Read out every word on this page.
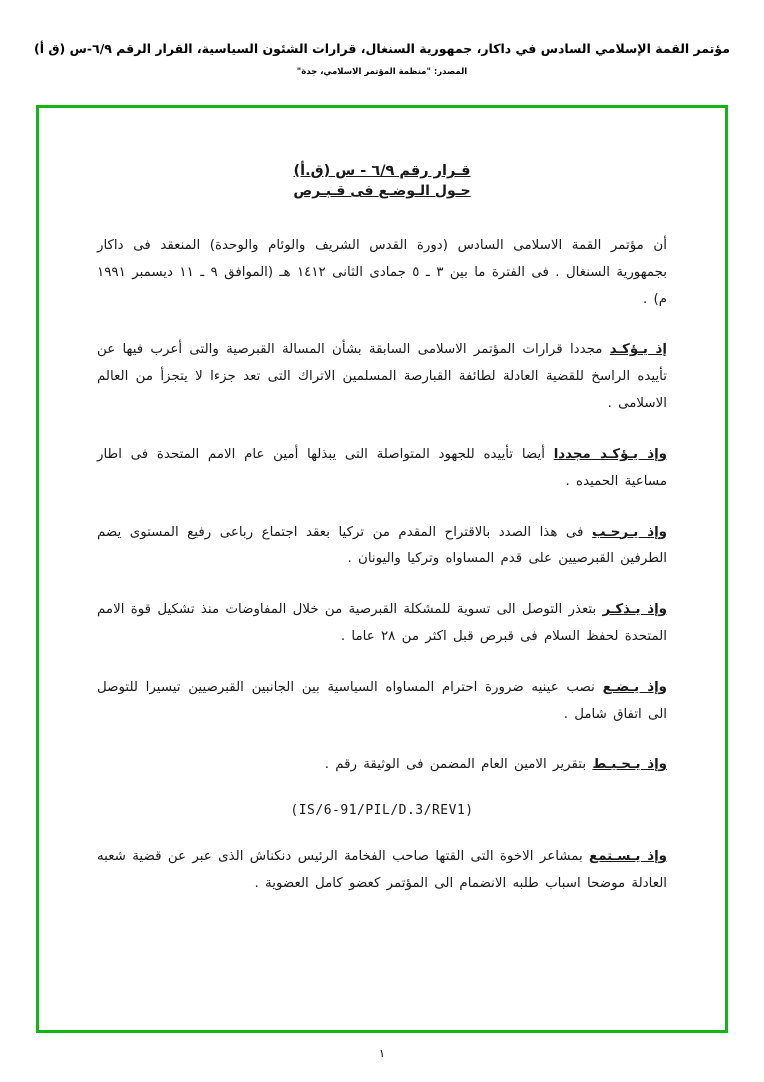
مؤتمر القمة الإسلامي السادس في داكار، جمهورية السنغال، قرارات الشئون السياسية، القرار الرقم ٦/٩-س (ق أ)
المصدر: "منظمة المؤتمر الاسلامي، جدة"
قـرار رقم ٦/٩ - س (ق.أ)
حـول الـوضـع فى قـبـرص

أن مؤتمر القمة الاسلامى السادس (دورة القدس الشريف والوئام والوحدة) المنعقد فى داكار بجمهورية السنغال . فى الفترة ما بين ٣ ـ ٥ جمادى الثانى ١٤١٢ هـ (الموافق ٩ ـ ١١ ديسمبر ١٩٩١ م) .

إذ يـؤكـد مجددا قرارات المؤتمر الاسلامى السابقة بشأن المسالة القبرصية والتى أعرب فيها عن تأييده الراسخ للقضية العادلة لطائفة القبارصة المسلمين الاتراك التى تعد جزءا لا يتجزأ من العالم الاسلامى .

وإذ يـؤكـد مجددا أيضا تأييده للجهود المتواصلة التى يبذلها أمين عام الامم المتحدة فى اطار مساعية الحميده .

وإذ يـرحـب فى هذا الصدد بالاقتراح المقدم من تركيا بعقد اجتماع رباعى رفيع المستوى يضم الطرفين القبرصيين على قدم المساواه وتركيا واليونان .

وإذ يـذكـر بتعذر التوصل الى تسوية للمشكلة القبرصية من خلال المفاوضات منذ تشكيل قوة الامم المتحدة لحفظ السلام فى قبرص قبل اكثر من ٢٨ عاما .

وإذ يـضـع نصب عينيه ضرورة احترام المساواه السياسية بين الجانبين القبرصيين تيسيرا للتوصل الى اتفاق شامل .

وإذ يـحـيـط بتقرير الامين العام المضمن فى الوثيقة رقم .

(IS/6-91/PIL/D.3/REV1)

وإذ يـسـتمع بمشاعر الاخوة التى القتها صاحب الفخامة الرئيس دنكناش الذى عبر عن قضية شعبه العادلة موضحا اسباب طلبه الانضمام الى المؤتمر كعضو كامل العضوية .

١
